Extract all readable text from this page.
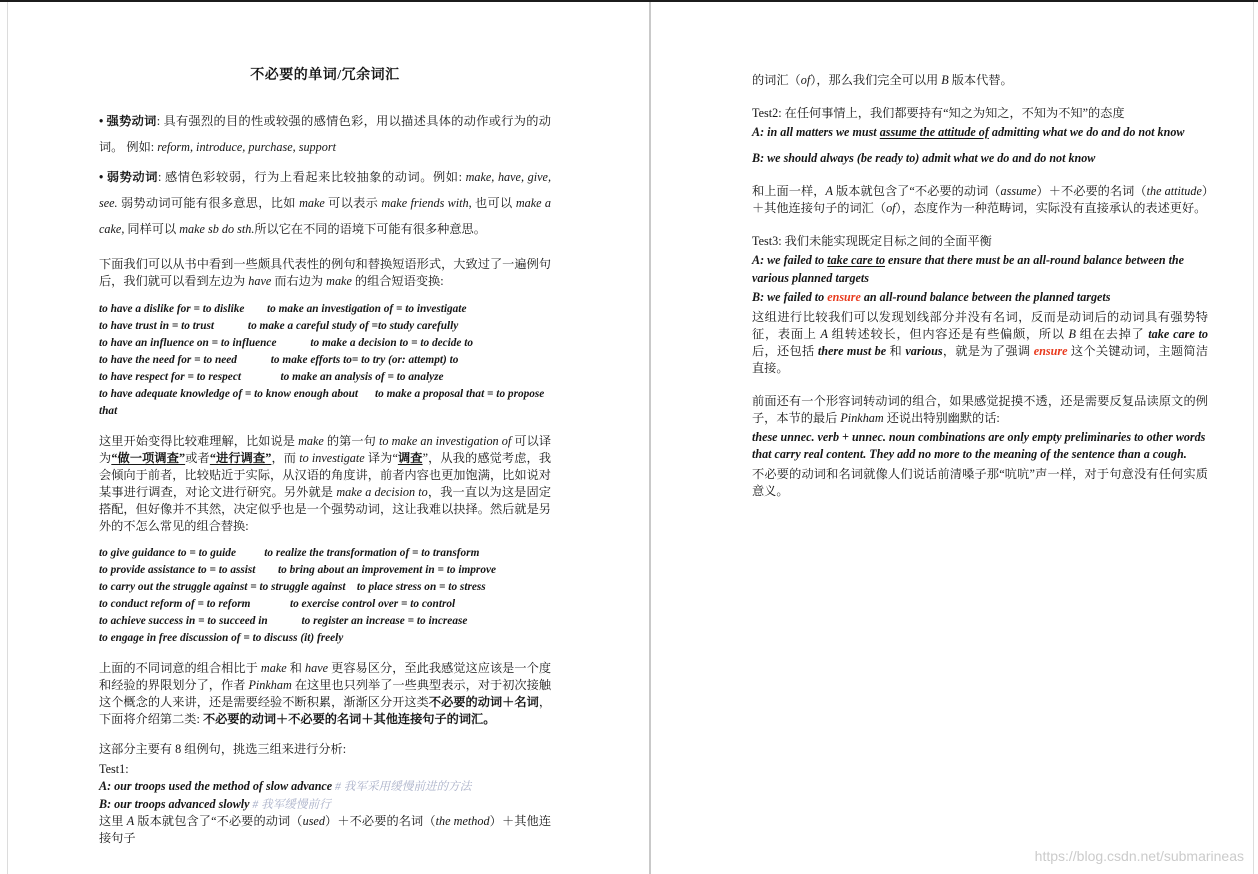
不必要的单词/冗余词汇

• 强势动词: 具有强烈的目的性或较强的感情色彩，用以描述具体的动作或行为的动词。 例如: reform, introduce, purchase, support

• 弱势动词: 感情色彩较弱，行为上看起来比较抽象的动词。例如: make, have, give, see. 弱势动词可能有很多意思，比如 make 可以表示 make friends with, 也可以 make a cake, 同样可以 make sb do sth.所以它在不同的语境下可能有很多种意思。

下面我们可以从书中看到一些颇具代表性的例句和替换短语形式，大致过了一遍例句后，我们就可以看到左边为 have 而右边为 make 的组合短语变换:

to have a dislike for = to dislike        to make an investigation of = to investigate
to have trust in = to trust            to make a careful study of =to study carefully
to have an influence on = to influence            to make a decision to = to decide to
to have the need for = to need            to make efforts to= to try (or: attempt) to
to have respect for = to respect              to make an analysis of = to analyze
to have adequate knowledge of = to know enough about      to make a proposal that = to propose that

这里开始变得比较难理解，比如说是 make 的第一句 to make an investigation of 可以译为“做一项调查”或者“进行调查”，而 to investigate 译为“调查”，从我的感觉考虑，我会倾向于前者，比较贴近于实际，从汉语的角度讲，前者内容也更加饱满，比如说对某事进行调查，对论文进行研究。另外就是 make a decision to，我一直以为这是固定搭配，但好像并不其然，决定似乎也是一个强势动词，这让我难以抉择。然后就是另外的不怎么常见的组合替换:

to give guidance to = to guide          to realize the transformation of = to transform
to provide assistance to = to assist        to bring about an improvement in = to improve
to carry out the struggle against = to struggle against    to place stress on = to stress
to conduct reform of = to reform              to exercise control over = to control
to achieve success in = to succeed in            to register an increase = to increase
to engage in free discussion of = to discuss (it) freely

上面的不同词意的组合相比于 make 和 have 更容易区分，至此我感觉这应该是一个度和经验的界限划分了，作者 Pinkham 在这里也只列举了一些典型表示，对于初次接触这个概念的人来讲，还是需要经验不断积累，渐渐区分开这类不必要的动词＋名词，下面将介绍第二类: 不必要的动词＋不必要的名词＋其他连接句子的词汇。

这部分主要有 8 组例句，挑选三组来进行分析:

Test1:

A: our troops used the method of slow advance # 我军采用缓慢前进的方法

B: our troops advanced slowly # 我军缓慢前行

这里 A 版本就包含了“不必要的动词（used）＋不必要的名词（the method）＋其他连接句子

的词汇（of），那么我们完全可以用 B 版本代替。

Test2: 在任何事情上，我们都要持有“知之为知之，不知为不知”的态度

A: in all matters we must assume the attitude of admitting what we do and do not know

B: we should always (be ready to) admit what we do and do not know

和上面一样，A 版本就包含了“不必要的动词（assume）＋不必要的名词（the attitude）＋其他连接句子的词汇（of），态度作为一种范畴词，实际没有直接承认的表述更好。

Test3: 我们未能实现既定目标之间的全面平衡

A: we failed to take care to ensure that there must be an all-round balance between the various planned targets

B: we failed to ensure an all-round balance between the planned targets

这组进行比较我们可以发现划线部分并没有名词，反而是动词后的动词具有强势特征，表面上 A 组转述较长，但内容还是有些偏颇，所以 B 组在去掉了 take care to 后，还包括 there must be 和 various，就是为了强调 ensure 这个关键动词，主题简洁直接。

前面还有一个形容词转动词的组合，如果感觉捉摸不透，还是需要反复品读原文的例子，本节的最后 Pinkham 还说出特别幽默的话:

these unnec. verb + unnec. noun combinations are only empty preliminaries to other words that carry real content. They add no more to the meaning of the sentence than a cough.

不必要的动词和名词就像人们说话前清嗓子那“吭吭”声一样，对于句意没有任何实质意义。

https://blog.csdn.net/submarineas
